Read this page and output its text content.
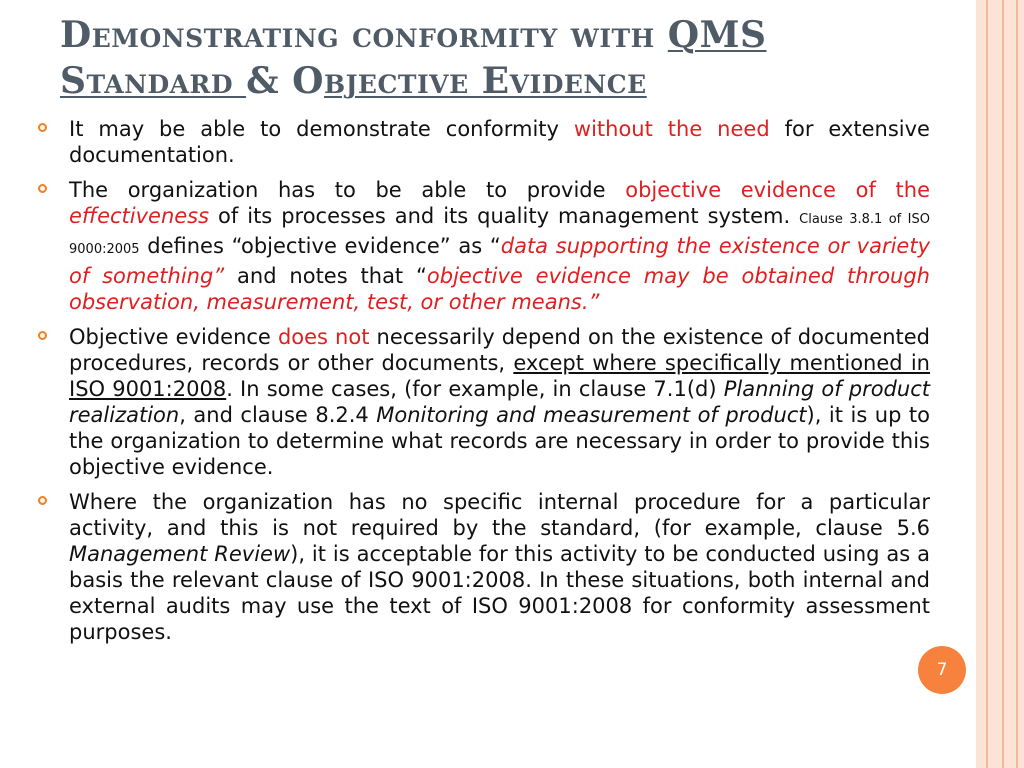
Demonstrating conformity with QMS
Standard & Objective Evidence
It may be able to demonstrate conformity without the need for extensive documentation.
The organization has to be able to provide objective evidence of the effectiveness of its processes and its quality management system. Clause 3.8.1 of ISO 9000:2005 defines “objective evidence” as “data supporting the existence or variety of something” and notes that “objective evidence may be obtained through observation, measurement, test, or other means.”
Objective evidence does not necessarily depend on the existence of documented procedures, records or other documents, except where specifically mentioned in ISO 9001:2008. In some cases, (for example, in clause 7.1(d) Planning of product realization, and clause 8.2.4 Monitoring and measurement of product), it is up to the organization to determine what records are necessary in order to provide this objective evidence.
Where the organization has no specific internal procedure for a particular activity, and this is not required by the standard, (for example, clause 5.6 Management Review), it is acceptable for this activity to be conducted using as a basis the relevant clause of ISO 9001:2008. In these situations, both internal and external audits may use the text of ISO 9001:2008 for conformity assessment purposes.
7
